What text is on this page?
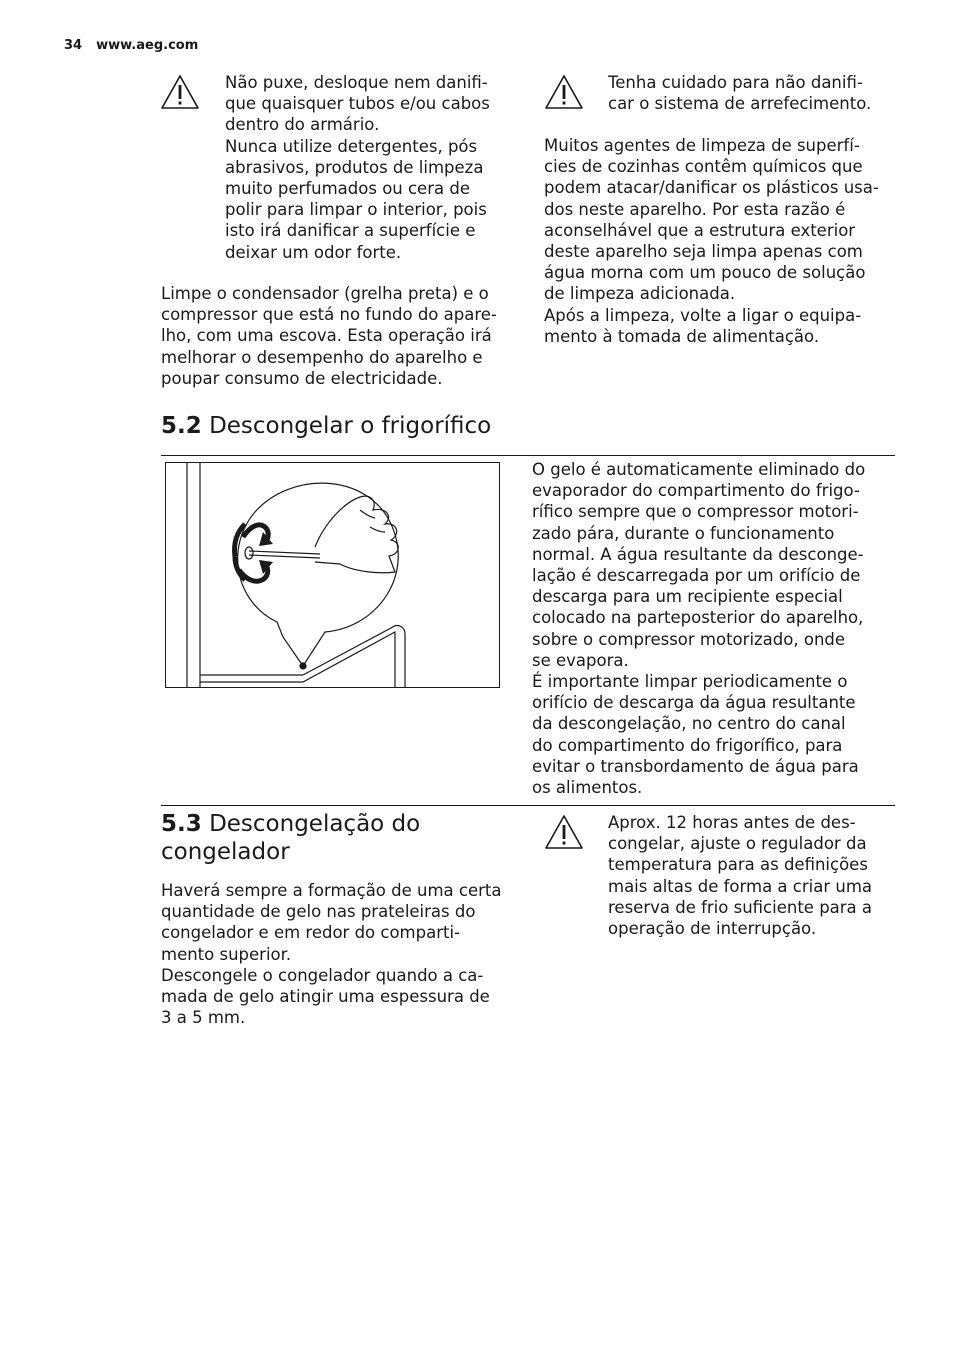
34 www.aeg.com

Não puxe, desloque nem danifi-

que quaisquer tubos e/ou cabos

dentro do armário.

Nunca utilize detergentes, pós

abrasivos, produtos de limpeza

muito perfumados ou cera de

polir para limpar o interior, pois

isto irá danificar a superfície e

deixar um odor forte.

Limpe o condensador (grelha preta) e o

compressor que está no fundo do apare-

lho, com uma escova. Esta operação irá

melhorar o desempenho do aparelho e

poupar consumo de electricidade.

Tenha cuidado para não danifi-

car o sistema de arrefecimento.

Muitos agentes de limpeza de superfí-

cies de cozinhas contêm químicos que

podem atacar/danificar os plásticos usa-

dos neste aparelho. Por esta razão é

aconselhável que a estrutura exterior

deste aparelho seja limpa apenas com

água morna com um pouco de solução

de limpeza adicionada.

Após a limpeza, volte a ligar o equipa-

mento à tomada de alimentação.

5.2 Descongelar o frigorífico

O gelo é automaticamente eliminado do

evaporador do compartimento do frigo-

rífico sempre que o compressor motori-

zado pára, durante o funcionamento

normal. A água resultante da desconge-

lação é descarregada por um orifício de

descarga para um recipiente especial

colocado na parteposterior do aparelho,

sobre o compressor motorizado, onde

se evapora.

É importante limpar periodicamente o

orifício de descarga da água resultante

da descongelação, no centro do canal

do compartimento do frigorífico, para

evitar o transbordamento de água para

os alimentos.

5.3 Descongelação do
congelador

Haverá sempre a formação de uma certa

quantidade de gelo nas prateleiras do

congelador e em redor do comparti-

mento superior.

Descongele o congelador quando a ca-

mada de gelo atingir uma espessura de

3 a 5 mm.

Aprox. 12 horas antes de des-

congelar, ajuste o regulador da

temperatura para as definições

mais altas de forma a criar uma

reserva de frio suficiente para a

operação de interrupção.
